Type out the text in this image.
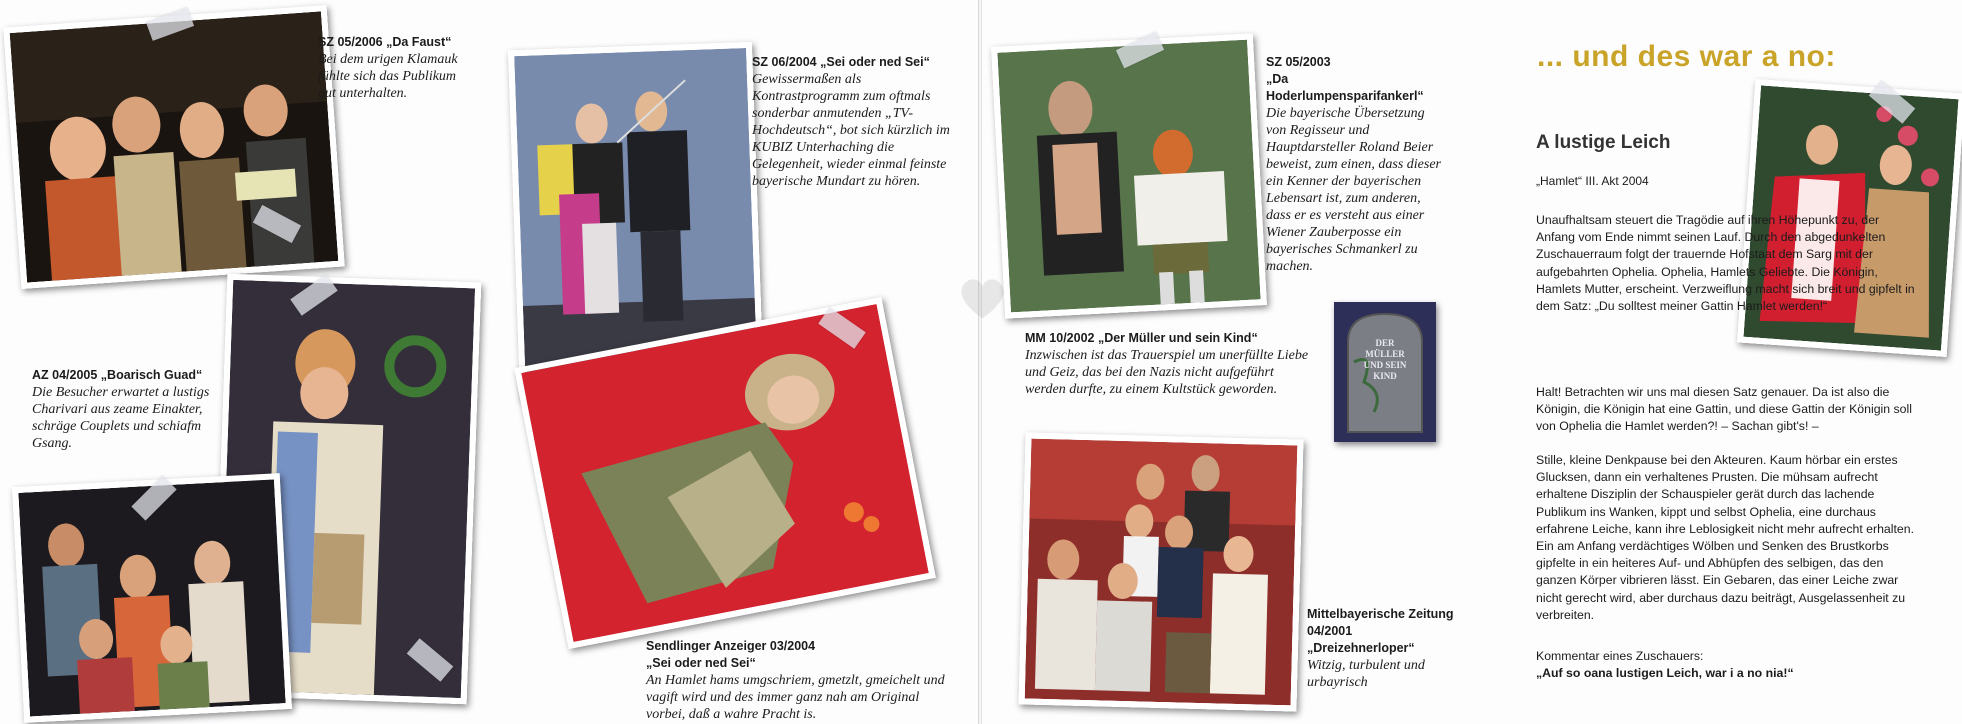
SZ 05/2006 „Da Faust“
Bei dem urigen Klamauk fühlte sich das Publikum gut unterhalten.
AZ 04/2005 „Boarisch Guad“
Die Besucher erwartet a lustigs Charivari aus zeame Einakter, schräge Couplets und schiafm Gsang.
SZ 06/2004 „Sei oder ned Sei“
Gewissermaßen als Kontrastprogramm zum oftmals sonderbar anmutenden „TV-Hochdeutsch“, bot sich kürzlich im KUBIZ Unterhaching die Gelegenheit, wieder einmal feinste bayerische Mundart zu hören.
Sendlinger Anzeiger 03/2004
„Sei oder ned Sei“
An Hamlet hams umgschriem, gmetzlt, gmeichelt und vagift wird und des immer ganz nah am Original vorbei, daß a wahre Pracht is.
SZ 05/2003
„Da Hoderlumpensparifankerl“
Die bayerische Übersetzung von Regisseur und Hauptdarsteller Roland Beier beweist, zum einen, dass dieser ein Kenner der bayerischen Lebensart ist, zum anderen, dass er es versteht aus einer Wiener Zauberposse ein bayerisches Schmankerl zu machen.
MM 10/2002 „Der Müller und sein Kind“
Inzwischen ist das Trauerspiel um unerfüllte Liebe und Geiz, das bei den Nazis nicht aufgeführt werden durfte, zu einem Kultstück geworden.
DER
MÜLLER
UND SEIN
KIND
Mittelbayerische Zeitung 04/2001
„Dreizehnerloper“
Witzig, turbulent und urbayrisch
... und des war a no:
A lustige Leich
„Hamlet“ III. Akt 2004
Unaufhaltsam steuert die Tragödie auf ihren Höhepunkt zu, der Anfang vom Ende nimmt seinen Lauf. Durch den abgedunkelten Zuschauerraum folgt der trauernde Hofstaat dem Sarg mit der aufgebahrten Ophelia. Ophelia, Hamlets Geliebte. Die Königin, Hamlets Mutter, erscheint. Verzweiflung macht sich breit und gipfelt in dem Satz: „Du solltest meiner Gattin Hamlet werden!“
Halt! Betrachten wir uns mal diesen Satz genauer. Da ist also die Königin, die Königin hat eine Gattin, und diese Gattin der Königin soll von Ophelia die Hamlet werden?! – Sachan gibt's! –
Stille, kleine Denkpause bei den Akteuren. Kaum hörbar ein erstes Glucksen, dann ein verhaltenes Prusten. Die mühsam aufrecht erhaltene Disziplin der Schauspieler gerät durch das lachende Publikum ins Wanken, kippt und selbst Ophelia, eine durchaus erfahrene Leiche, kann ihre Leblosigkeit nicht mehr aufrecht erhalten. Ein am Anfang verdächtiges Wölben und Senken des Brustkorbs gipfelte in ein heiteres Auf- und Abhüpfen des selbigen, das den ganzen Körper vibrieren lässt. Ein Gebaren, das einer Leiche zwar nicht gerecht wird, aber durchaus dazu beiträgt, Ausgelassenheit zu verbreiten.
Kommentar eines Zuschauers:
„Auf so oana lustigen Leich, war i a no nia!“
